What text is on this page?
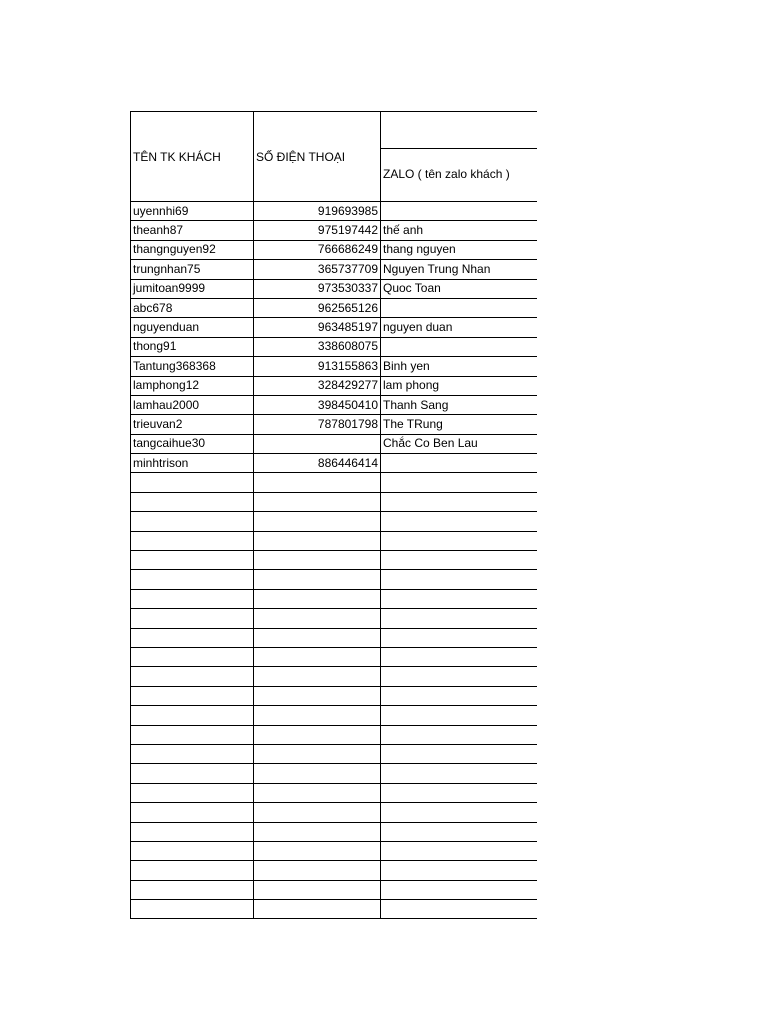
TÊN TK KHÁCH	SỐ ĐIỆN THOẠI	

		ZALO ( tên zalo khách )

uyennhi69	919693985	
theanh87	975197442	thế anh
thangnguyen92	766686249	thang nguyen
trungnhan75	365737709	Nguyen Trung Nhan
jumitoan9999	973530337	Quoc Toan
abc678	962565126	
nguyenduan	963485197	nguyen duan
thong91	338608075	
Tantung368368	913155863	Binh yen
lamphong12	328429277	lam phong
lamhau2000	398450410	Thanh Sang
trieuvan2	787801798	The TRung
tangcaihue30		Chắc Co Ben Lau
minhtrison	886446414	
